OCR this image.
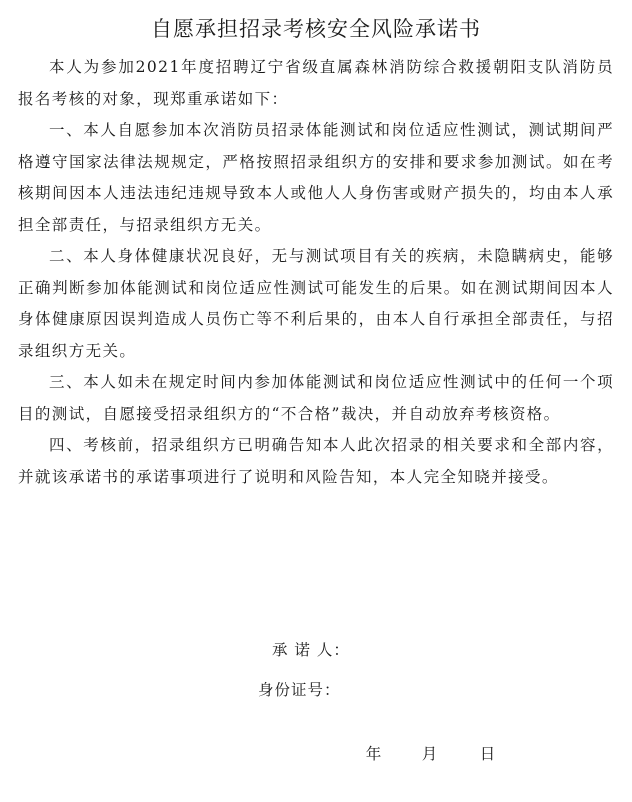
自愿承担招录考核安全风险承诺书

本人为参加2021年度招聘辽宁省级直属森林消防综合救援朝阳支队消防员报名考核的对象，现郑重承诺如下：

一、本人自愿参加本次消防员招录体能测试和岗位适应性测试，测试期间严格遵守国家法律法规规定，严格按照招录组织方的安排和要求参加测试。如在考核期间因本人违法违纪违规导致本人或他人人身伤害或财产损失的，均由本人承担全部责任，与招录组织方无关。

二、本人身体健康状况良好，无与测试项目有关的疾病，未隐瞒病史，能够正确判断参加体能测试和岗位适应性测试可能发生的后果。如在测试期间因本人身体健康原因误判造成人员伤亡等不利后果的，由本人自行承担全部责任，与招录组织方无关。

三、本人如未在规定时间内参加体能测试和岗位适应性测试中的任何一个项目的测试，自愿接受招录组织方的“不合格”裁决，并自动放弃考核资格。

四、考核前，招录组织方已明确告知本人此次招录的相关要求和全部内容，并就该承诺书的承诺事项进行了说明和风险告知，本人完全知晓并接受。

承 诺 人：
身份证号：

年	月	日
